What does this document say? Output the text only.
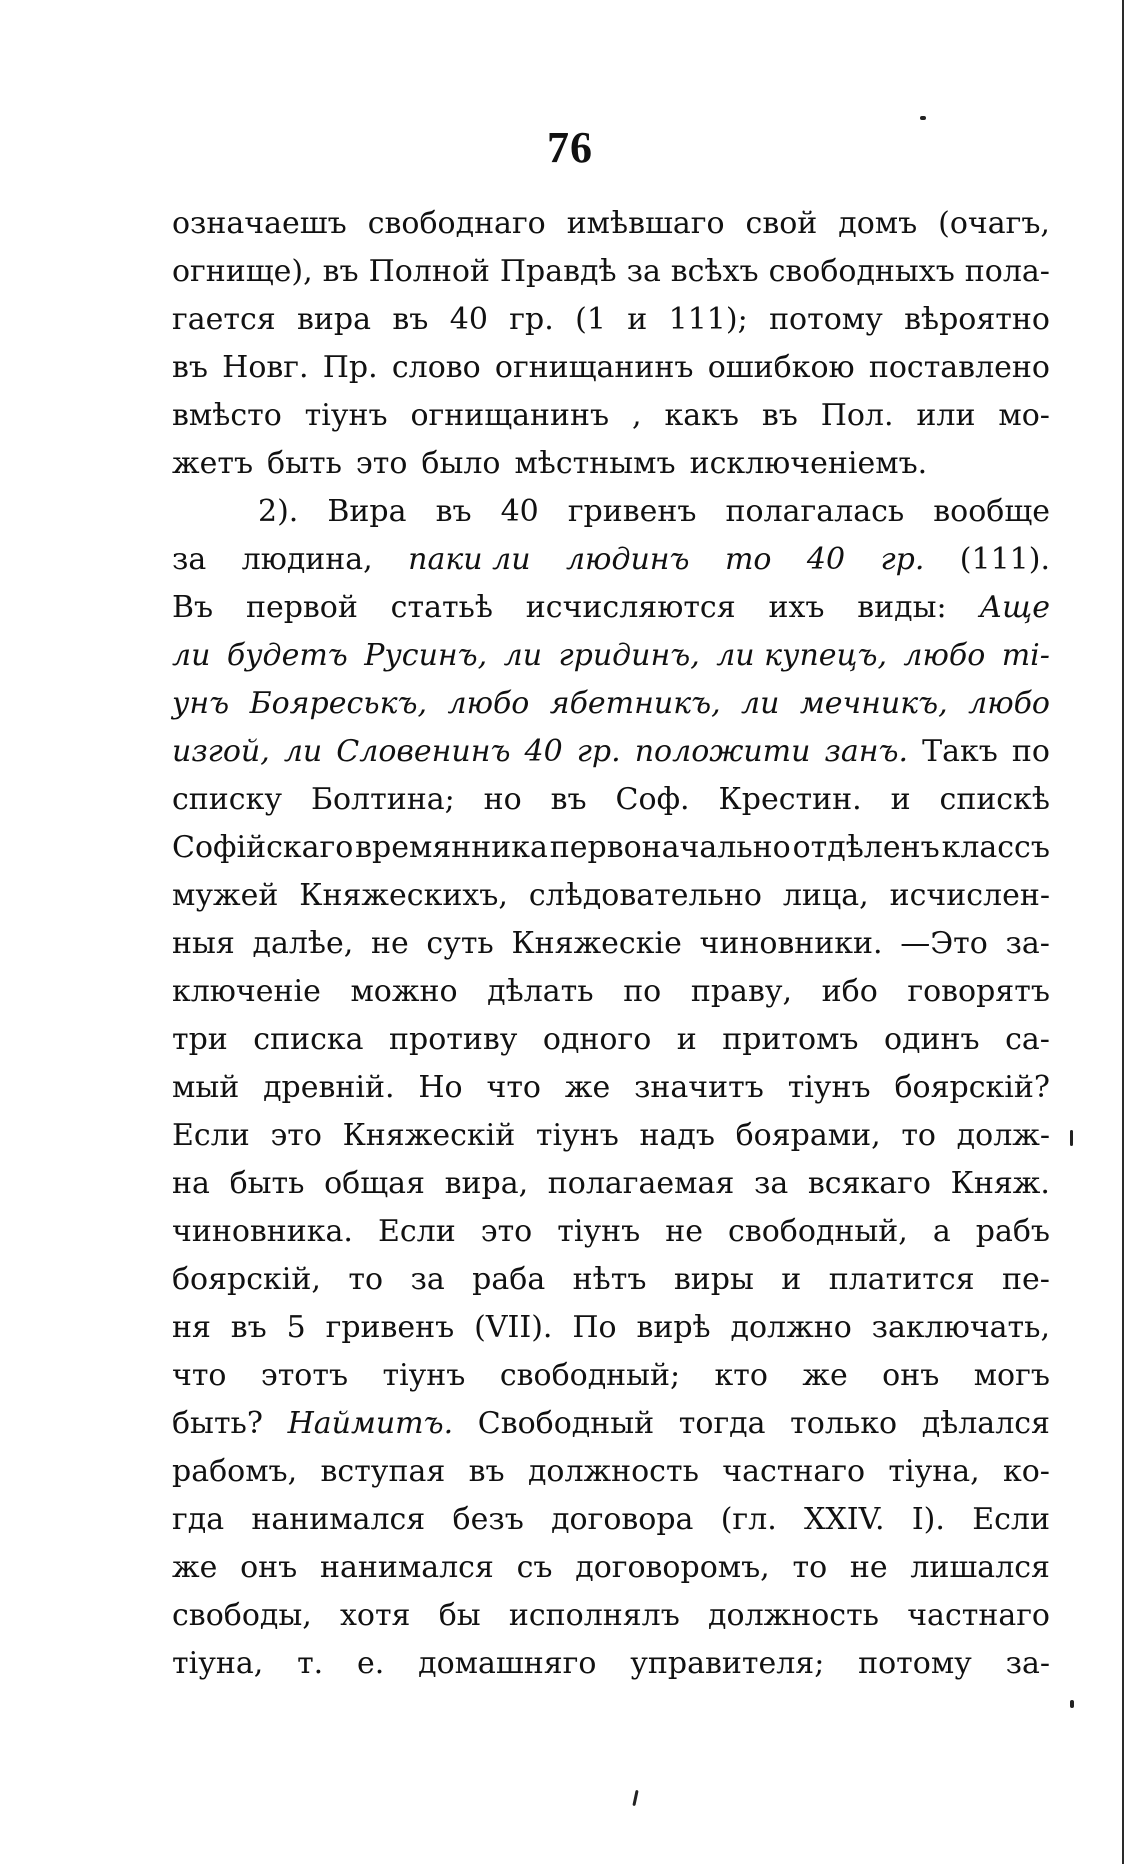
76
означаешъ свободнаго имѣвшаго свой домъ (очагъ,
огнище), въ Полной Правдѣ за всѣхъ свободныхъ пола-
гается вира въ 40 гр. (1 и 111); потому вѣроятно
въ Новг. Пр. слово огнищанинъ ошибкою поставлено
вмѣсто тіунъ огнищанинъ , какъ въ Пол. или мо-
жетъ быть это было мѣстнымъ исключеніемъ.
2). Вира въ 40 гривенъ полагалась вообще
за людина, паки ли людинъ то 40 гр. (111).
Въ первой статьѣ исчисляются ихъ виды: Аще
ли будетъ Русинъ, ли гридинъ, ли купецъ, любо ті-
унъ Бояреськъ, любо ябетникъ, ли мечникъ, любо
изгой, ли Словенинъ 40 гр. положити занъ. Такъ по
списку Болтина; но въ Соф. Крестин. и спискѣ
Софійскаго времянника первоначально отдѣленъ классъ
мужей Княжескихъ, слѣдовательно лица, исчислен-
ныя далѣе, не суть Княжескіе чиновники. —Это за-
ключеніе можно дѣлать по праву, ибо говорятъ
три списка противу одного и притомъ одинъ са-
мый древній. Но что же значитъ тіунъ боярскій?
Если это Княжескій тіунъ надъ боярами, то долж-
на быть общая вира, полагаемая за всякаго Княж.
чиновника. Если это тіунъ не свободный, а рабъ
боярскій, то за раба нѣтъ виры и платится пе-
ня въ 5 гривенъ (VII). По вирѣ должно заключать,
что этотъ тіунъ свободный; кто же онъ могъ
быть? Наймитъ. Свободный тогда только дѣлался
рабомъ, вступая въ должность частнаго тіуна, ко-
гда нанимался безъ договора (гл. XXIV. I). Если
же онъ нанимался съ договоромъ, то не лишался
свободы, хотя бы исполнялъ должность частнаго
тіуна, т. е. домашняго управителя; потому за-
